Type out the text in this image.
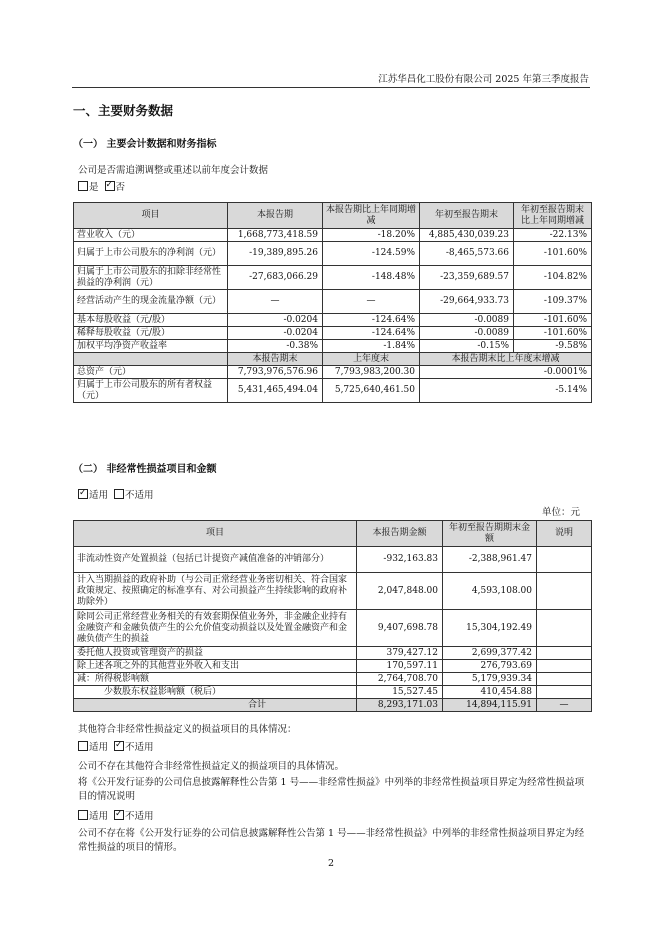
江苏华昌化工股份有限公司 2025 年第三季度报告
一、主要财务数据
（一） 主要会计数据和财务指标
公司是否需追溯调整或重述以前年度会计数据
是 ✓ 否
项目	本报告期	本报告期比上年同期增减	年初至报告期末	年初至报告期末比上年同期增减
营业收入（元）	1,668,773,418.59	-18.20%	4,885,430,039.23	-22.13%
归属于上市公司股东的净利润（元）	-19,389,895.26	-124.59%	-8,465,573.66	-101.60%
归属于上市公司股东的扣除非经常性损益的净利润（元）	-27,683,066.29	-148.48%	-23,359,689.57	-104.82%
经营活动产生的现金流量净额（元）	—	—	-29,664,933.73	-109.37%
基本每股收益（元/股）	-0.0204	-124.64%	-0.0089	-101.60%
稀释每股收益（元/股）	-0.0204	-124.64%	-0.0089	-101.60%
加权平均净资产收益率	-0.38%	-1.84%	-0.15%	-9.58%
	本报告期末	上年度末	本报告期末比上年度末增减	
总资产（元）	7,793,976,576.96	7,793,983,200.30	-0.0001%	
归属于上市公司股东的所有者权益（元）	5,431,465,494.04	5,725,640,461.50	-5.14%	
（二） 非经常性损益项目和金额
✓适用 不适用
单位：元
项目	本报告期金额	年初至报告期期末金额	说明
非流动性资产处置损益（包括已计提资产减值准备的冲销部分）	-932,163.83	-2,388,961.47	
计入当期损益的政府补助（与公司正常经营业务密切相关、符合国家政策规定、按照确定的标准享有、对公司损益产生持续影响的政府补助除外）	2,047,848.00	4,593,108.00	
除同公司正常经营业务相关的有效套期保值业务外，非金融企业持有金融资产和金融负债产生的公允价值变动损益以及处置金融资产和金融负债产生的损益	9,407,698.78	15,304,192.49	
委托他人投资或管理资产的损益	379,427.12	2,699,377.42	
除上述各项之外的其他营业外收入和支出	170,597.11	276,793.69	
减：所得税影响额	2,764,708.70	5,179,939.34	
少数股东权益影响额（税后）	15,527.45	410,454.88	
合计	8,293,171.03	14,894,115.91	—
其他符合非经常性损益定义的损益项目的具体情况：
适用 ✓ 不适用
公司不存在其他符合非经常性损益定义的损益项目的具体情况。
将《公开发行证券的公司信息披露解释性公告第 1 号——非经常性损益》中列举的非经常性损益项目界定为经常性损益项目的情况说明
适用 ✓ 不适用
公司不存在将《公开发行证券的公司信息披露解释性公告第 1 号——非经常性损益》中列举的非经常性损益项目界定为经常性损益的项目的情形。
2
